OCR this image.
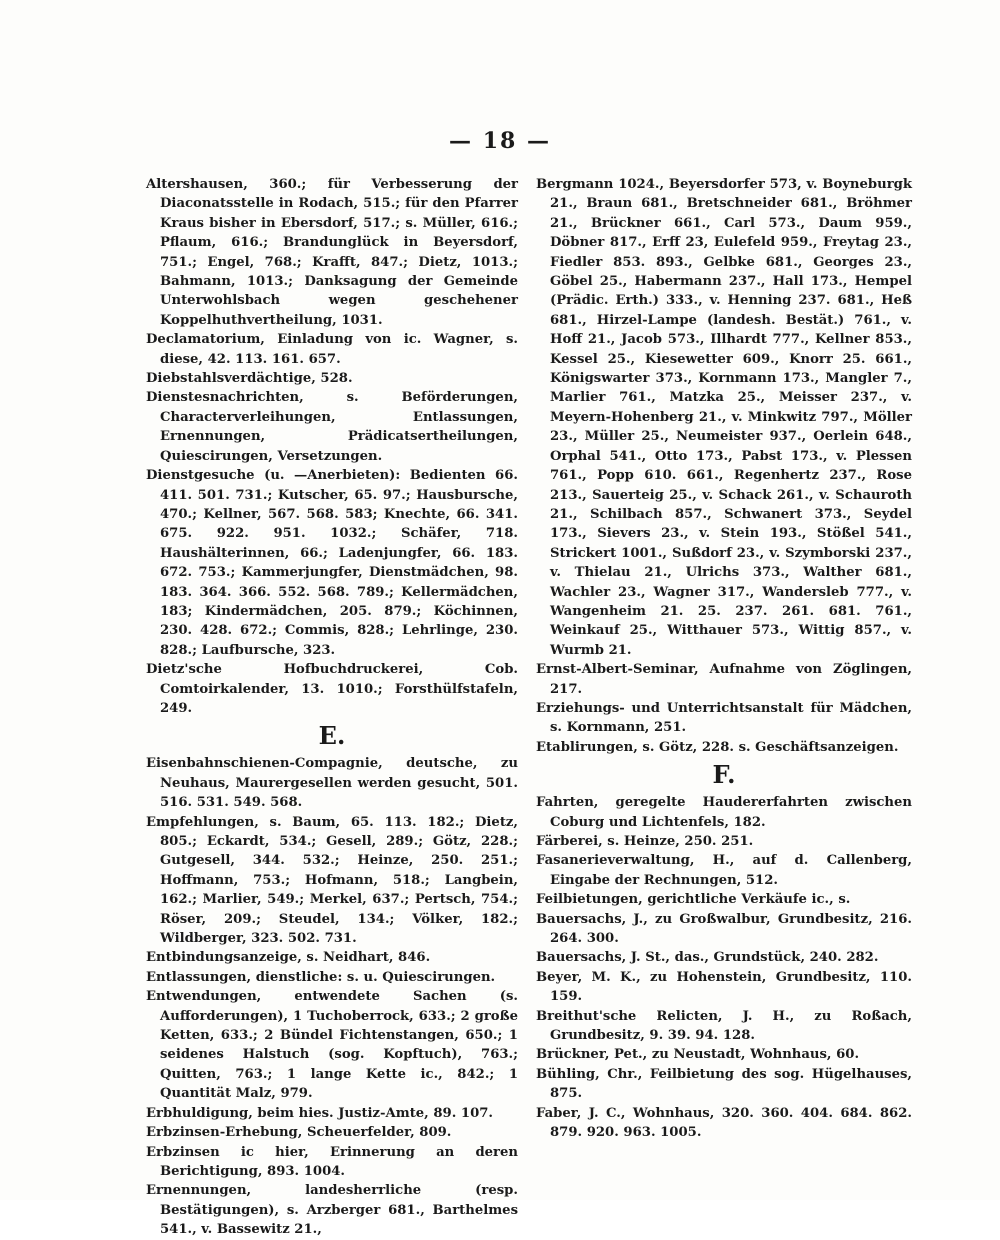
— 18 —

Altershausen, 360.; für Verbesserung der Diaconatsstelle in Rodach, 515.; für den Pfarrer Kraus bisher in Ebersdorf, 517.; s. Müller, 616.; Pflaum, 616.; Brandunglück in Beyersdorf, 751.; Engel, 768.; Krafft, 847.; Dietz, 1013.; Bahmann, 1013.; Danksagung der Gemeinde Unterwohlsbach wegen geschehener Koppelhuthvertheilung, 1031.

Declamatorium, Einladung von ic. Wagner, s. diese, 42. 113. 161. 657.

Diebstahlsverdächtige, 528.

Dienstesnachrichten, s. Beförderungen, Characterverleihungen, Entlassungen, Ernennungen, Prädicatsertheilungen, Quiescirungen, Versetzungen.

Dienstgesuche (u. —Anerbieten): Bedienten 66. 411. 501. 731.; Kutscher, 65. 97.; Hausbursche, 470.; Kellner, 567. 568. 583; Knechte, 66. 341. 675. 922. 951. 1032.; Schäfer, 718. Haushälterinnen, 66.; Ladenjungfer, 66. 183. 672. 753.; Kammerjungfer, Dienstmädchen, 98. 183. 364. 366. 552. 568. 789.; Kellermädchen, 183; Kindermädchen, 205. 879.; Köchinnen, 230. 428. 672.; Commis, 828.; Lehrlinge, 230. 828.; Laufbursche, 323.

Dietz'sche Hofbuchdruckerei, Cob. Comtoirkalender, 13. 1010.; Forsthülfstafeln, 249.

E.

Eisenbahnschienen-Compagnie, deutsche, zu Neuhaus, Maurergesellen werden gesucht, 501. 516. 531. 549. 568.

Empfehlungen, s. Baum, 65. 113. 182.; Dietz, 805.; Eckardt, 534.; Gesell, 289.; Götz, 228.; Gutgesell, 344. 532.; Heinze, 250. 251.; Hoffmann, 753.; Hofmann, 518.; Langbein, 162.; Marlier, 549.; Merkel, 637.; Pertsch, 754.; Röser, 209.; Steudel, 134.; Völker, 182.; Wildberger, 323. 502. 731.

Entbindungsanzeige, s. Neidhart, 846.

Entlassungen, dienstliche: s. u. Quiescirungen.

Entwendungen, entwendete Sachen (s. Aufforderungen), 1 Tuchoberrock, 633.; 2 große Ketten, 633.; 2 Bündel Fichtenstangen, 650.; 1 seidenes Halstuch (sog. Kopftuch), 763.; Quitten, 763.; 1 lange Kette ic., 842.; 1 Quantität Malz, 979.

Erbhuldigung, beim hies. Justiz-Amte, 89. 107.

Erbzinsen-Erhebung, Scheuerfelder, 809.

Erbzinsen ic hier, Erinnerung an deren Berichtigung, 893. 1004.

Ernennungen, landesherrliche (resp. Bestätigungen), s. Arzberger 681., Barthelmes 541., v. Bassewitz 21.,

Bergmann 1024., Beyersdorfer 573, v. Boyneburgk 21., Braun 681., Bretschneider 681., Bröhmer 21., Brückner 661., Carl 573., Daum 959., Döbner 817., Erff 23, Eulefeld 959., Freytag 23., Fiedler 853. 893., Gelbke 681., Georges 23., Göbel 25., Habermann 237., Hall 173., Hempel (Prädic. Erth.) 333., v. Henning 237. 681., Heß 681., Hirzel-Lampe (landesh. Bestät.) 761., v. Hoff 21., Jacob 573., Illhardt 777., Kellner 853., Kessel 25., Kiesewetter 609., Knorr 25. 661., Königswarter 373., Kornmann 173., Mangler 7., Marlier 761., Matzka 25., Meisser 237., v. Meyern-Hohenberg 21., v. Minkwitz 797., Möller 23., Müller 25., Neumeister 937., Oerlein 648., Orphal 541., Otto 173., Pabst 173., v. Plessen 761., Popp 610. 661., Regenhertz 237., Rose 213., Sauerteig 25., v. Schack 261., v. Schauroth 21., Schilbach 857., Schwanert 373., Seydel 173., Sievers 23., v. Stein 193., Stößel 541., Strickert 1001., Sußdorf 23., v. Szymborski 237., v. Thielau 21., Ulrichs 373., Walther 681., Wachler 23., Wagner 317., Wandersleb 777., v. Wangenheim 21. 25. 237. 261. 681. 761., Weinkauf 25., Witthauer 573., Wittig 857., v. Wurmb 21.

Ernst-Albert-Seminar, Aufnahme von Zöglingen, 217.

Erziehungs- und Unterrichtsanstalt für Mädchen, s. Kornmann, 251.

Etablirungen, s. Götz, 228. s. Geschäftsanzeigen.

F.

Fahrten, geregelte Haudererfahrten zwischen Coburg und Lichtenfels, 182.

Färberei, s. Heinze, 250. 251.

Fasanerieverwaltung, H., auf d. Callenberg, Eingabe der Rechnungen, 512.

Feilbietungen, gerichtliche Verkäufe ic., s.

Bauersachs, J., zu Großwalbur, Grundbesitz, 216. 264. 300.

Bauersachs, J. St., das., Grundstück, 240. 282.

Beyer, M. K., zu Hohenstein, Grundbesitz, 110. 159.

Breithut'sche Relicten, J. H., zu Roßach, Grundbesitz, 9. 39. 94. 128.

Brückner, Pet., zu Neustadt, Wohnhaus, 60.

Bühling, Chr., Feilbietung des sog. Hügelhauses, 875.

Faber, J. C., Wohnhaus, 320. 360. 404. 684. 862. 879. 920. 963. 1005.
